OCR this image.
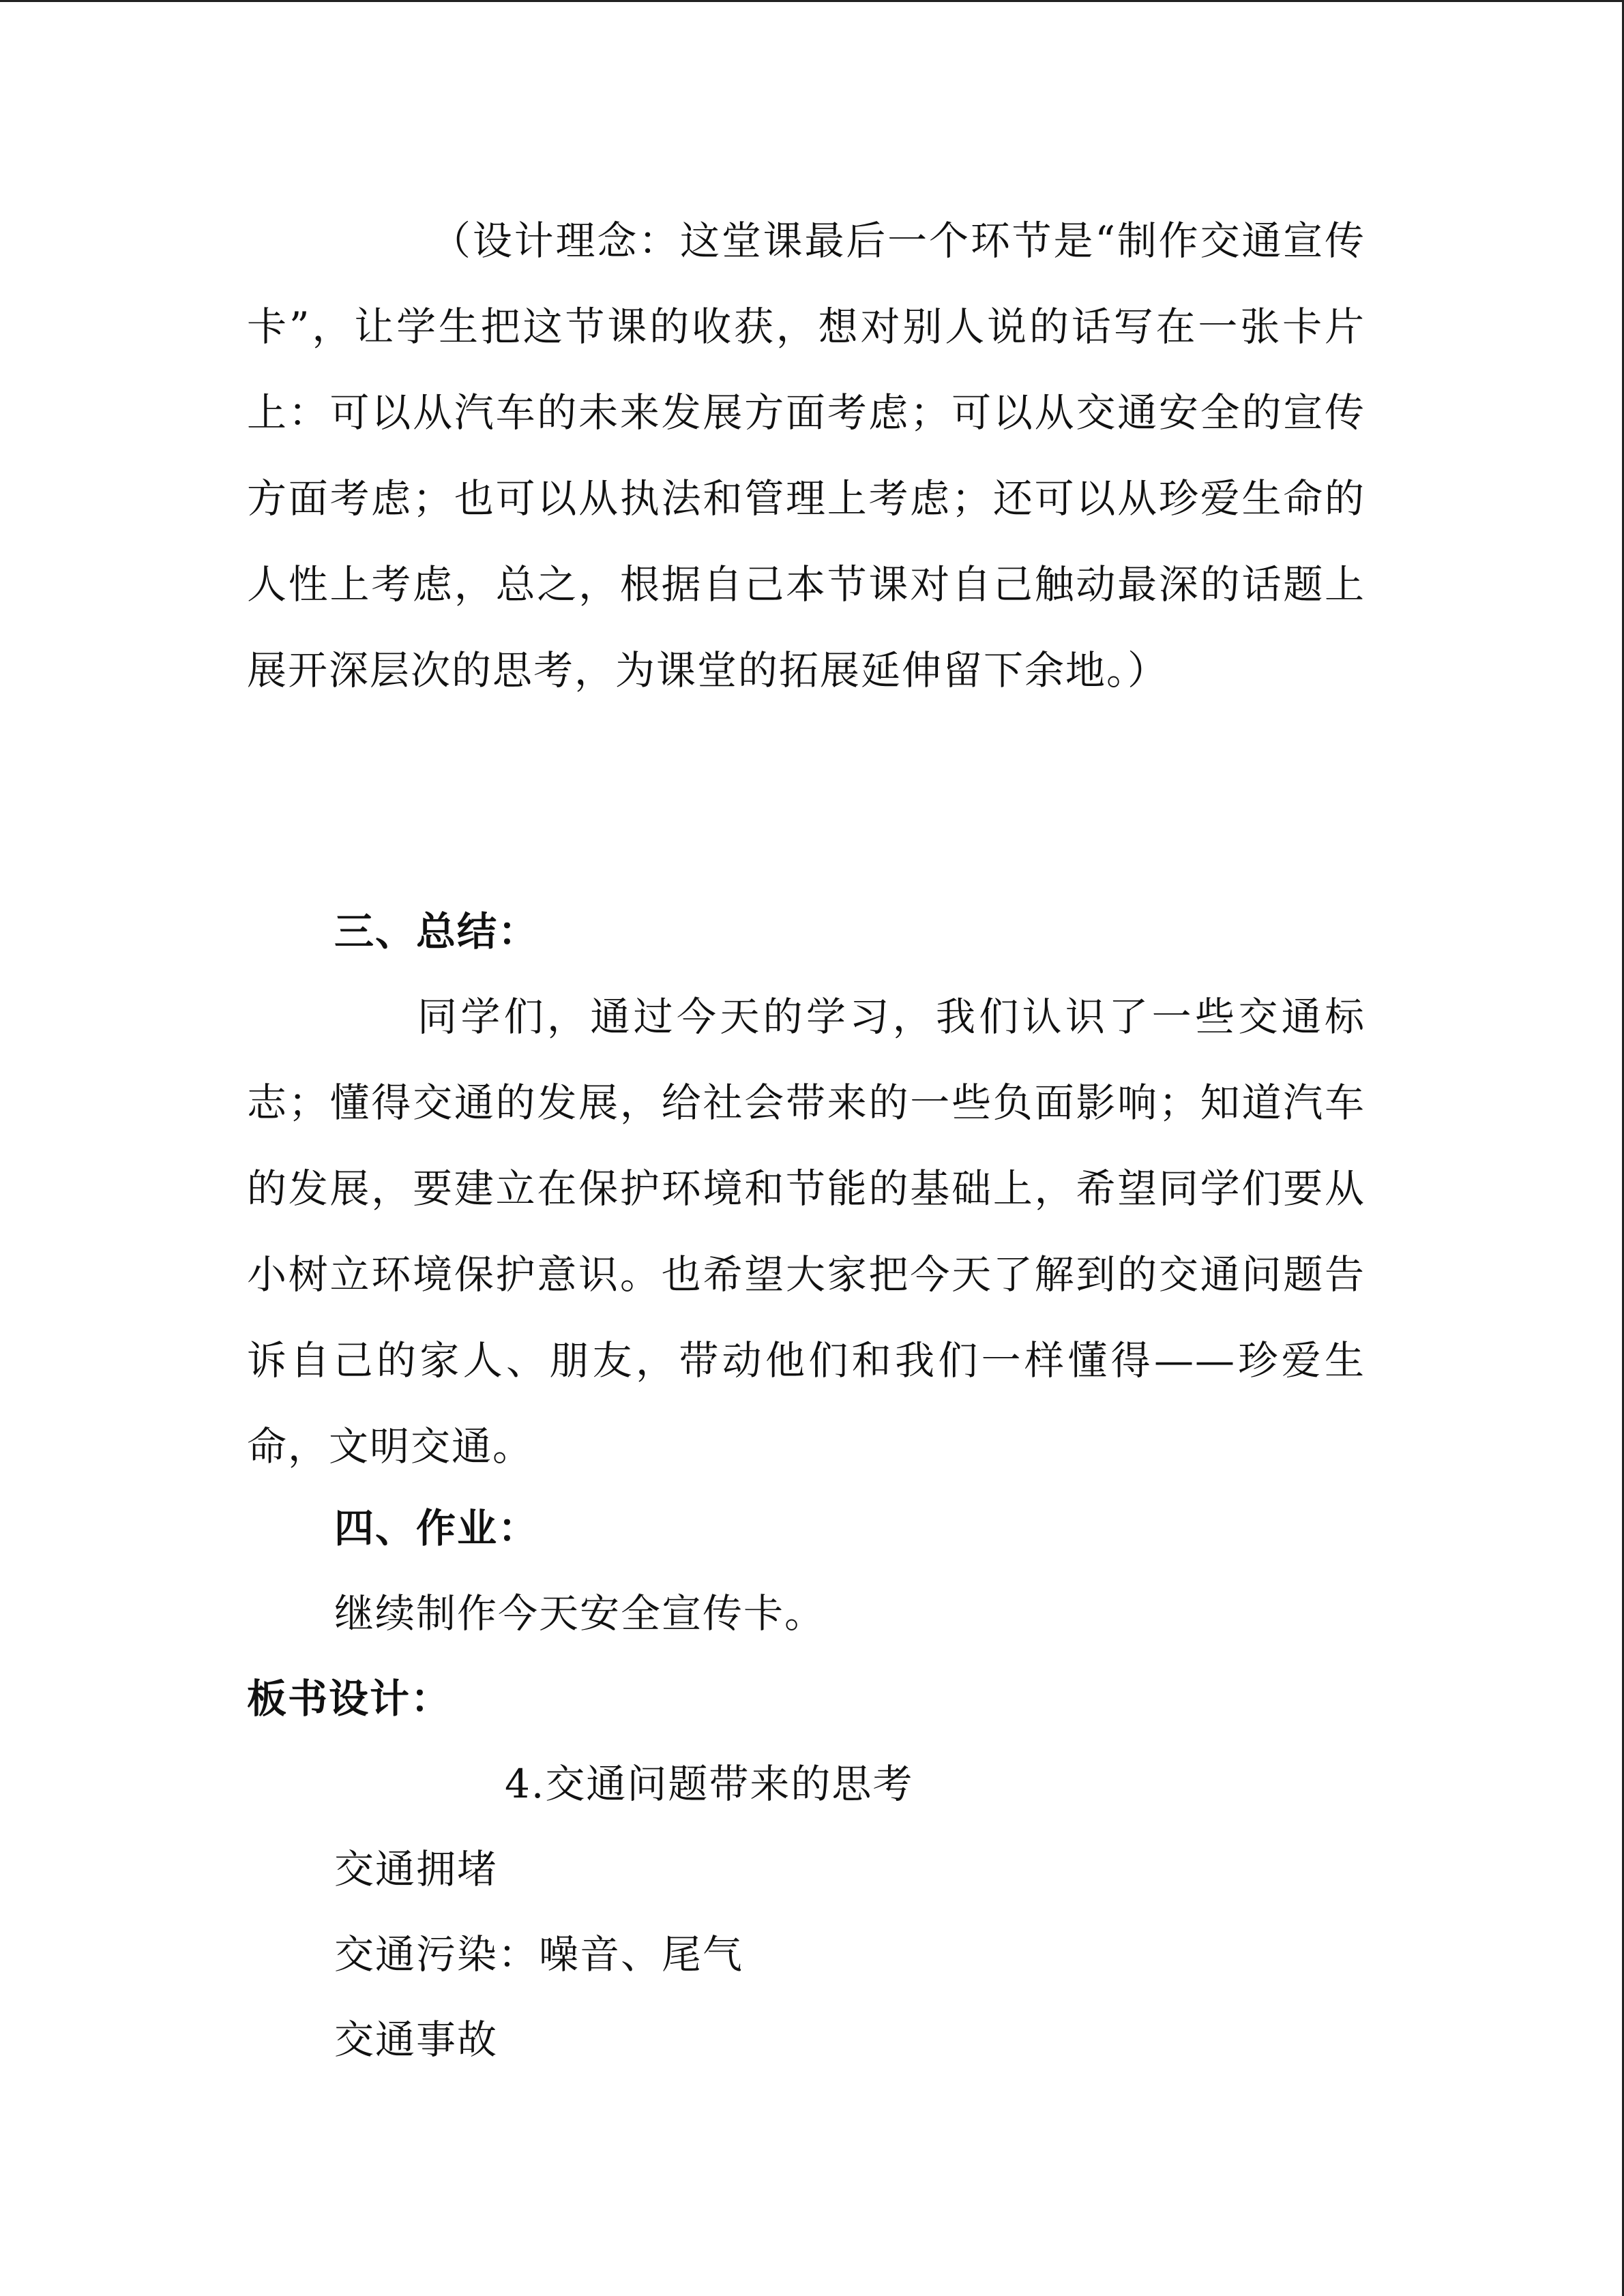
（设计理念：这堂课最后一个环节是“制作交通宣传卡”，让学生把这节课的收获，想对别人说的话写在一张卡片上：可以从汽车的未来发展方面考虑；可以从交通安全的宣传方面考虑；也可以从执法和管理上考虑；还可以从珍爱生命的人性上考虑，总之，根据自己本节课对自己触动最深的话题上展开深层次的思考，为课堂的拓展延伸留下余地。）

三、总结：

同学们，通过今天的学习，我们认识了一些交通标志；懂得交通的发展，给社会带来的一些负面影响；知道汽车的发展，要建立在保护环境和节能的基础上，希望同学们要从小树立环境保护意识。也希望大家把今天了解到的交通问题告诉自己的家人、朋友，带动他们和我们一样懂得——珍爱生命，文明交通。

四、作业：

继续制作今天安全宣传卡。

板书设计：

4.交通问题带来的思考

交通拥堵

交通污染：噪音、尾气

交通事故
